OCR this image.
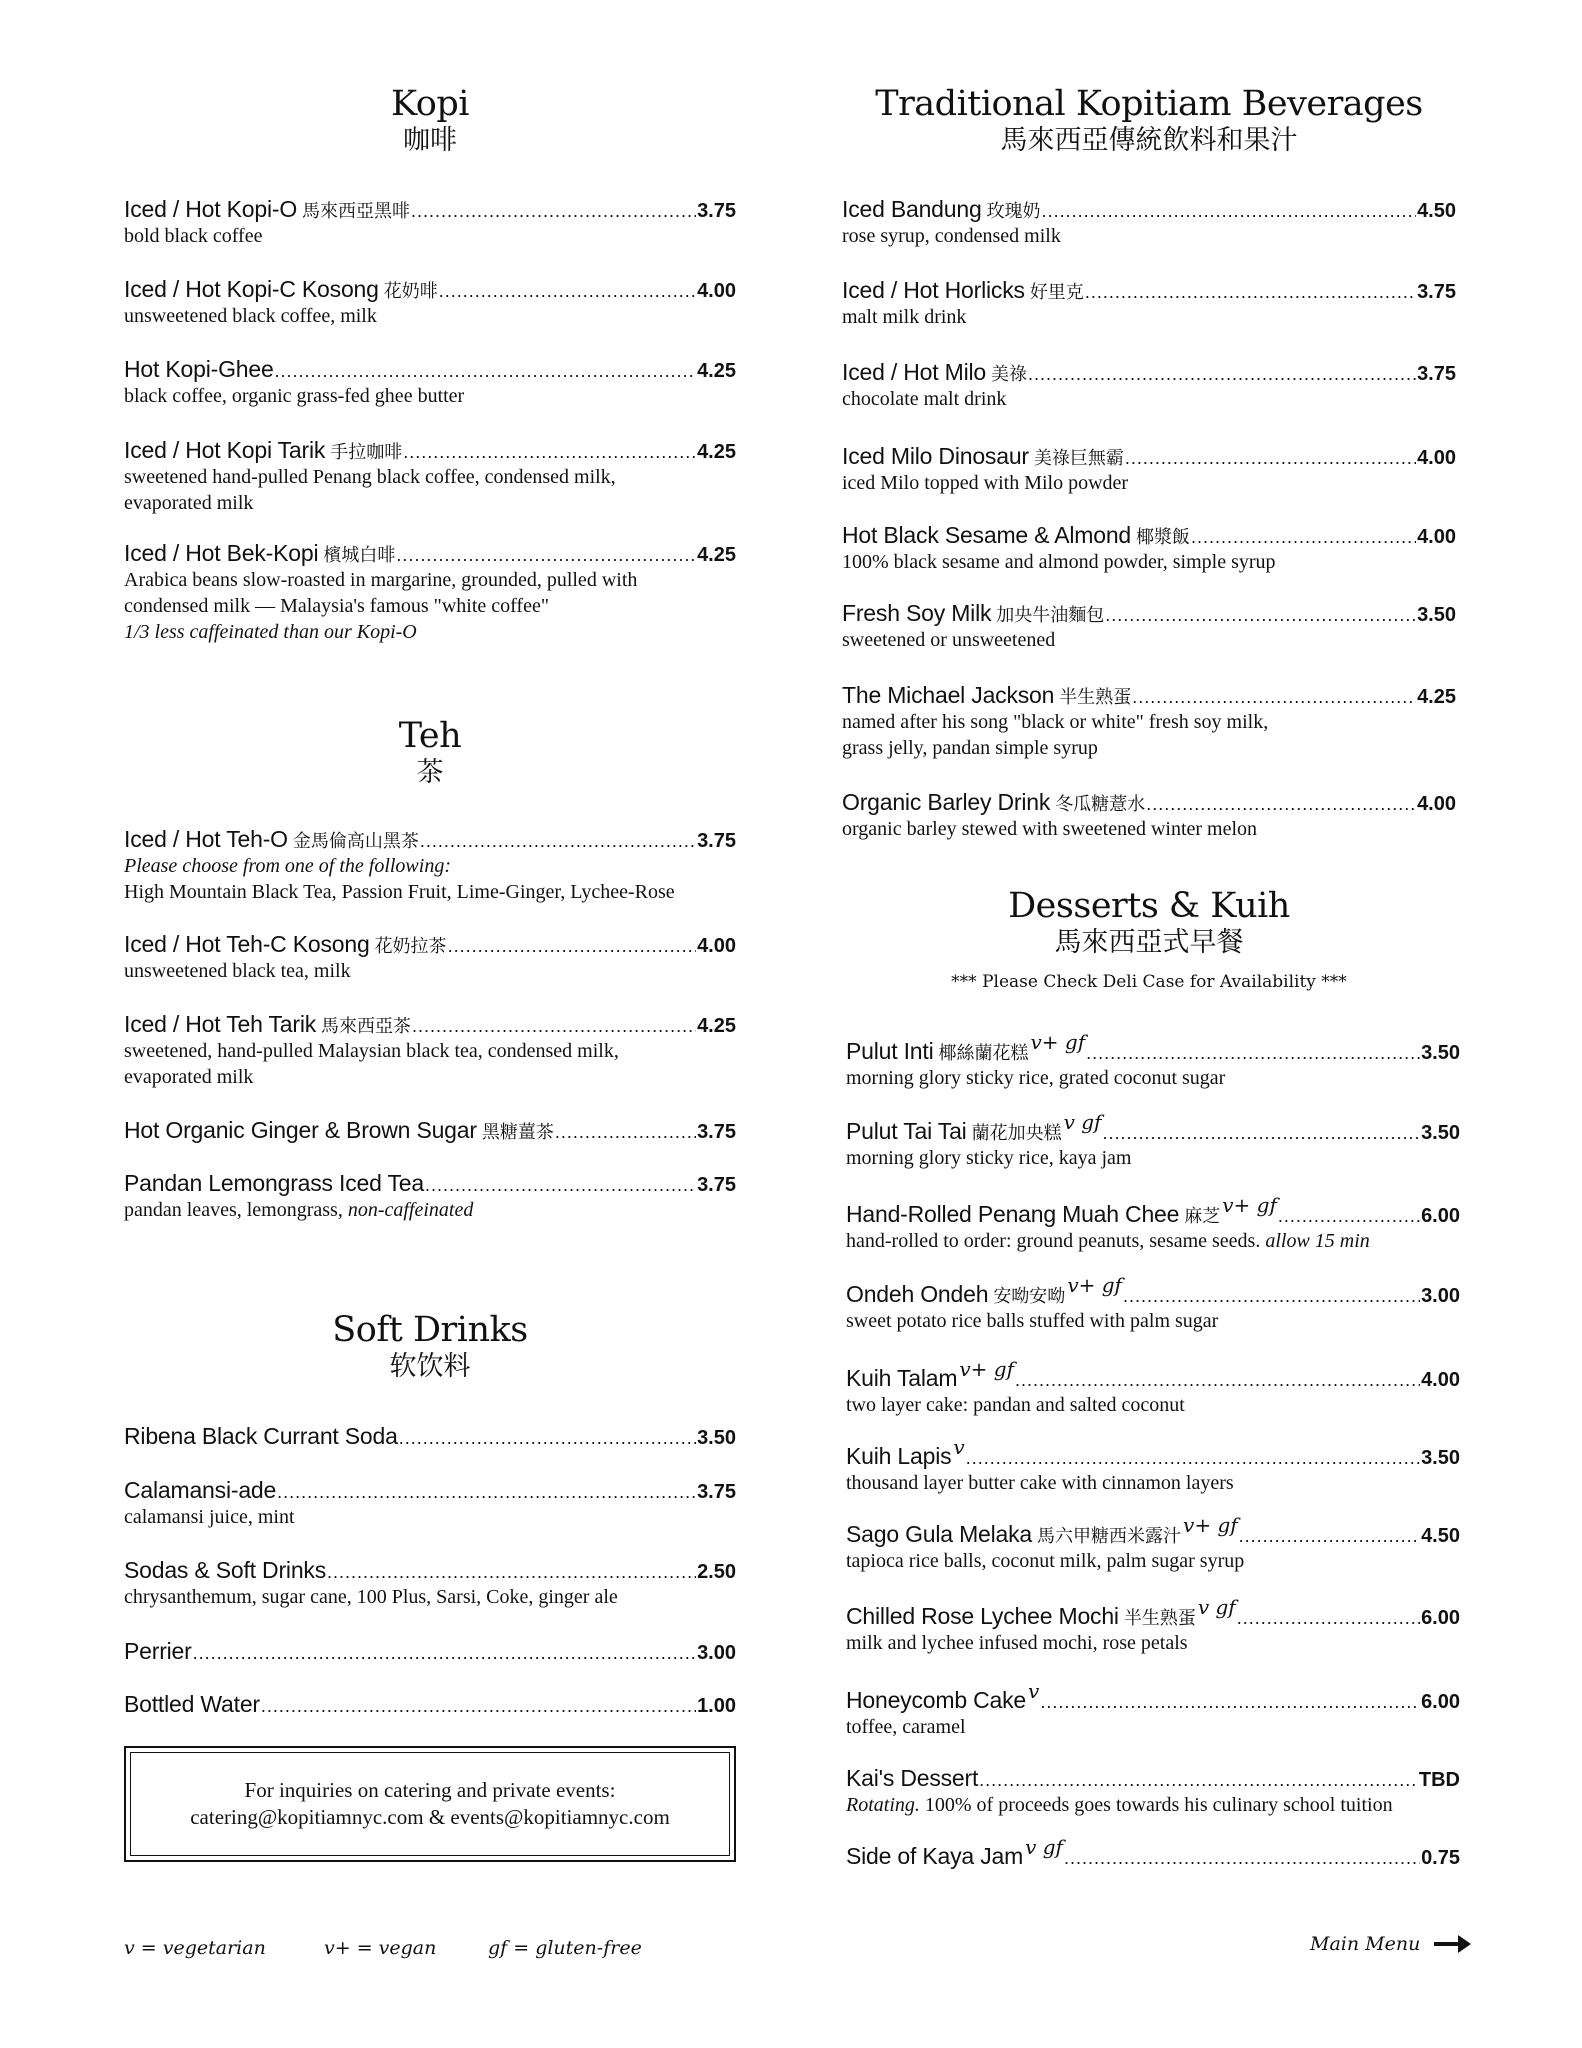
Kopi
咖啡
Iced / Hot Kopi-O 馬來西亞黑啡 .....	3.75
bold black coffee
Iced / Hot Kopi-C Kosong 花奶啡 .....	4.00
unsweetened black coffee, milk
Hot Kopi-Ghee .....	4.25
black coffee, organic grass-fed ghee butter
Iced / Hot Kopi Tarik 手拉咖啡 .....	4.25
sweetened hand-pulled Penang black coffee, condensed milk,
evaporated milk
Iced / Hot Bek-Kopi 檳城白啡 .....	4.25
Arabica beans slow-roasted in margarine, grounded, pulled with
condensed milk — Malaysia's famous "white coffee"
1/3 less caffeinated than our Kopi-O
Teh
茶
Iced / Hot Teh-O 金馬倫高山黑茶 .....	3.75
Please choose from one of the following:
High Mountain Black Tea, Passion Fruit, Lime-Ginger, Lychee-Rose
Iced / Hot Teh-C Kosong 花奶拉茶 .....	4.00
unsweetened black tea, milk
Iced / Hot Teh Tarik 馬來西亞茶 .....	4.25
sweetened, hand-pulled Malaysian black tea, condensed milk,
evaporated milk
Hot Organic Ginger & Brown Sugar 黑糖薑茶 .....	3.75
Pandan Lemongrass Iced Tea .....	3.75
pandan leaves, lemongrass, non-caffeinated
Soft Drinks
软饮料
Ribena Black Currant Soda .....	3.50
Calamansi-ade .....	3.75
calamansi juice, mint
Sodas & Soft Drinks .....	2.50
chrysanthemum, sugar cane, 100 Plus, Sarsi, Coke, ginger ale
Perrier .....	3.00
Bottled Water .....	1.00
For inquiries on catering and private events:
catering@kopitiamnyc.com & events@kopitiamnyc.com
Traditional Kopitiam Beverages
馬來西亞傳統飲料和果汁
Iced Bandung 玫瑰奶 .....	4.50
rose syrup, condensed milk
Iced / Hot Horlicks 好里克 .....	3.75
malt milk drink
Iced / Hot Milo 美祿 .....	3.75
chocolate malt drink
Iced Milo Dinosaur 美祿巨無霸 .....	4.00
iced Milo topped with Milo powder
Hot Black Sesame & Almond 椰漿飯 .....	4.00
100% black sesame and almond powder, simple syrup
Fresh Soy Milk 加央牛油麵包 .....	3.50
sweetened or unsweetened
The Michael Jackson 半生熟蛋 .....	4.25
named after his song "black or white" fresh soy milk,
grass jelly, pandan simple syrup
Organic Barley Drink 冬瓜糖薏水 .....	4.00
organic barley stewed with sweetened winter melon
Desserts & Kuih
馬來西亞式早餐
*** Please Check Deli Case for Availability ***
Pulut Inti 椰絲蘭花糕 v+ gf .....	3.50
morning glory sticky rice, grated coconut sugar
Pulut Tai Tai 蘭花加央糕 v gf .....	3.50
morning glory sticky rice, kaya jam
Hand-Rolled Penang Muah Chee 麻芝 v+ gf .....	6.00
hand-rolled to order: ground peanuts, sesame seeds. allow 15 min
Ondeh Ondeh 安呦安呦 v+ gf .....	3.00
sweet potato rice balls stuffed with palm sugar
Kuih Talam v+ gf .....	4.00
two layer cake: pandan and salted coconut
Kuih Lapis v .....	3.50
thousand layer butter cake with cinnamon layers
Sago Gula Melaka 馬六甲糖西米露汁 v+ gf .....	4.50
tapioca rice balls, coconut milk, palm sugar syrup
Chilled Rose Lychee Mochi 半生熟蛋 v gf .....	6.00
milk and lychee infused mochi, rose petals
Honeycomb Cake v .....	6.00
toffee, caramel
Kai's Dessert .....	TBD
Rotating. 100% of proceeds goes towards his culinary school tuition
Side of Kaya Jam v gf .....	0.75
v = vegetarian	v+ = vegan	gf = gluten-free	Main Menu
